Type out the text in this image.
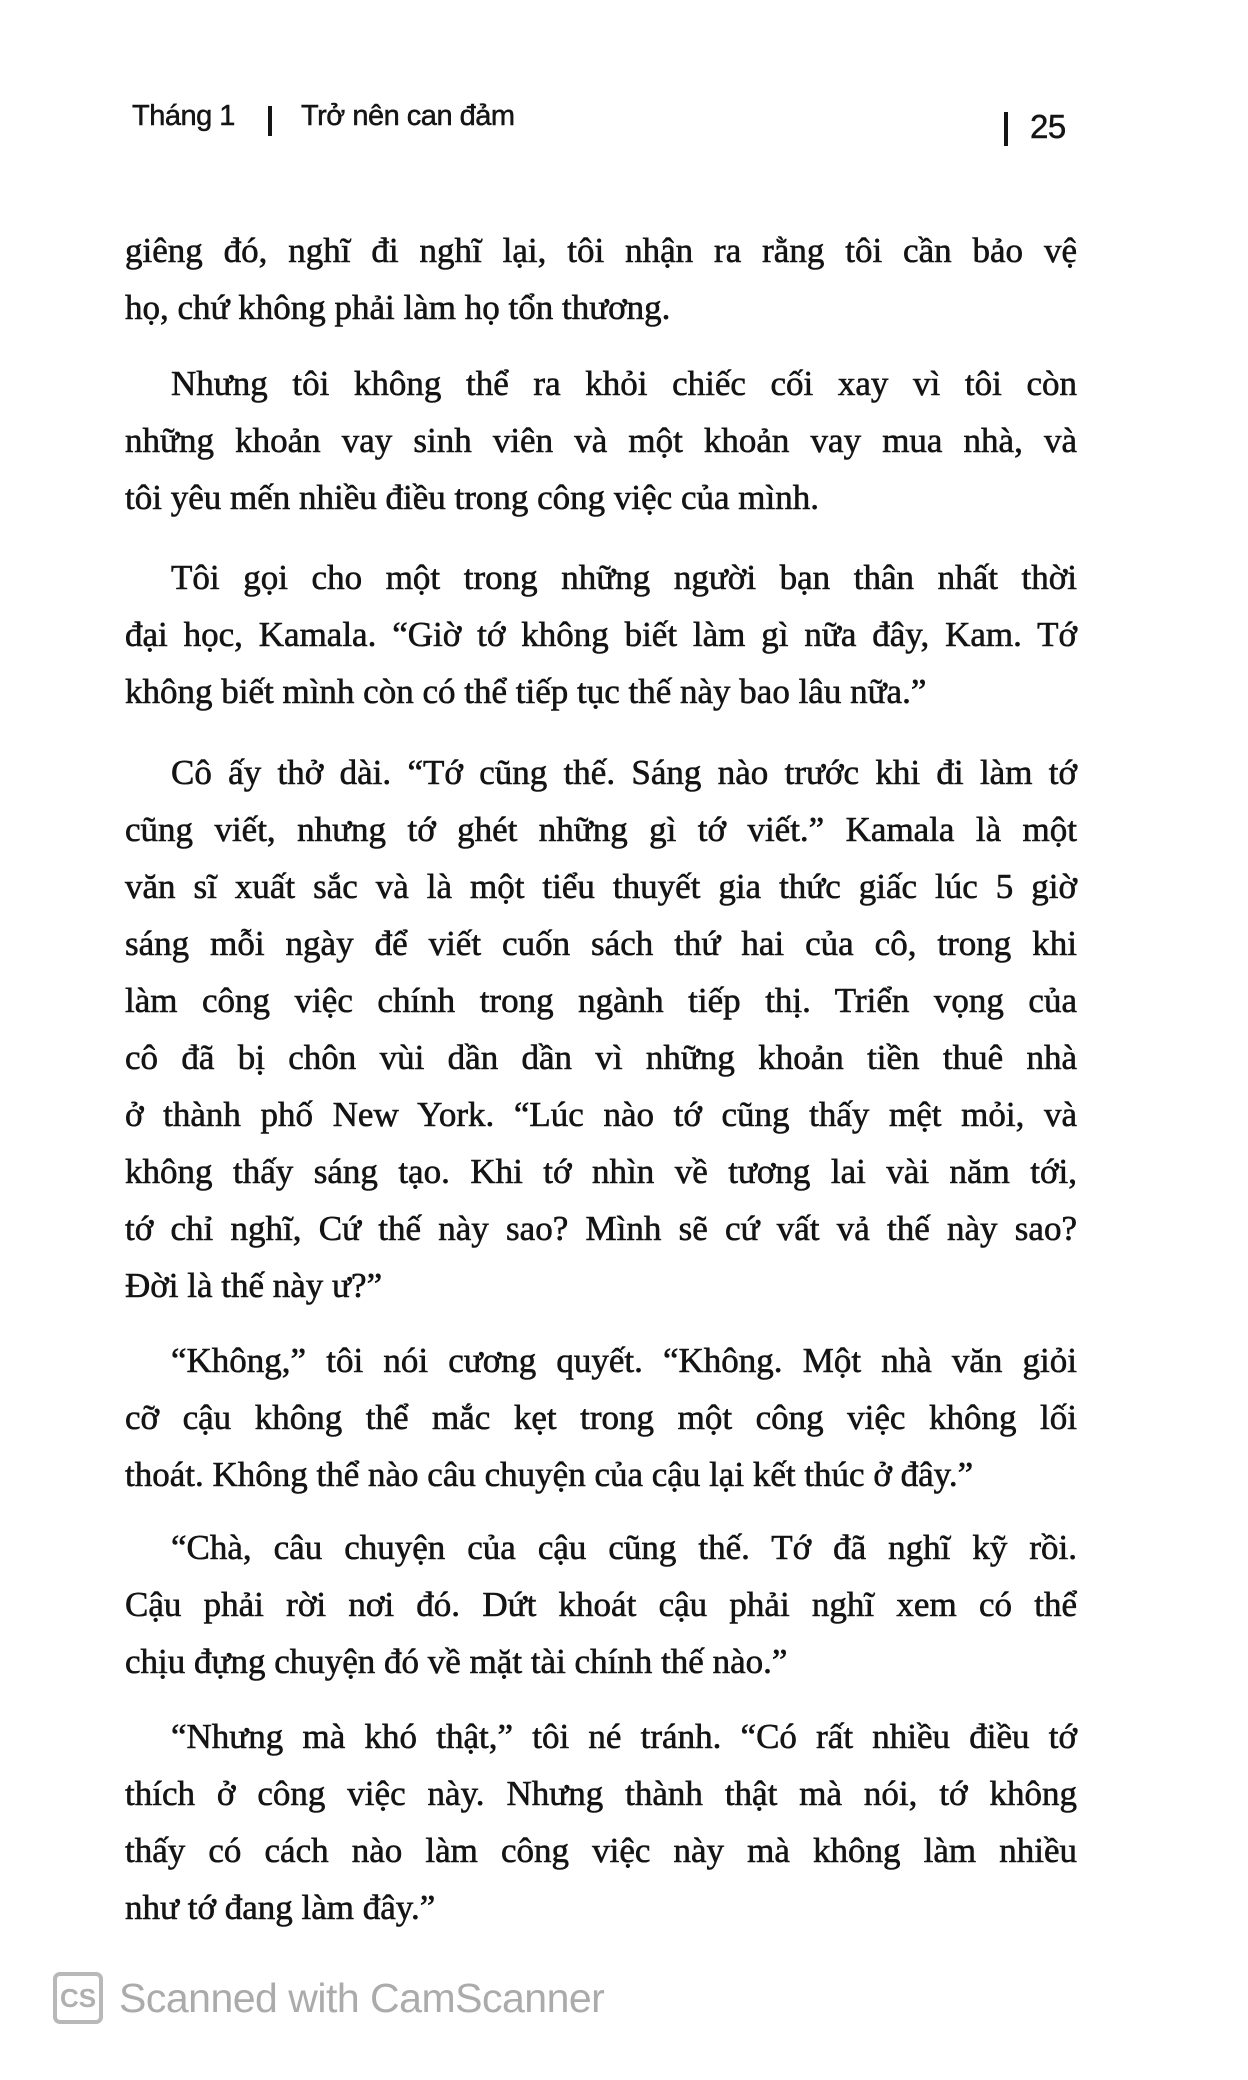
Tháng 1 Trở nên can đảm	25
giêng đó, nghĩ đi nghĩ lại, tôi nhận ra rằng tôi cần bảo vệ
họ, chứ không phải làm họ tổn thương.
Nhưng tôi không thể ra khỏi chiếc cối xay vì tôi còn
những khoản vay sinh viên và một khoản vay mua nhà, và
tôi yêu mến nhiều điều trong công việc của mình.
Tôi gọi cho một trong những người bạn thân nhất thời
đại học, Kamala. “Giờ tớ không biết làm gì nữa đây, Kam. Tớ
không biết mình còn có thể tiếp tục thế này bao lâu nữa.”
Cô ấy thở dài. “Tớ cũng thế. Sáng nào trước khi đi làm tớ
cũng viết, nhưng tớ ghét những gì tớ viết.” Kamala là một
văn sĩ xuất sắc và là một tiểu thuyết gia thức giấc lúc 5 giờ
sáng mỗi ngày để viết cuốn sách thứ hai của cô, trong khi
làm công việc chính trong ngành tiếp thị. Triển vọng của
cô đã bị chôn vùi dần dần vì những khoản tiền thuê nhà
ở thành phố New York. “Lúc nào tớ cũng thấy mệt mỏi, và
không thấy sáng tạo. Khi tớ nhìn về tương lai vài năm tới,
tớ chỉ nghĩ, Cứ thế này sao? Mình sẽ cứ vất vả thế này sao?
Đời là thế này ư?”
“Không,” tôi nói cương quyết. “Không. Một nhà văn giỏi
cỡ cậu không thể mắc kẹt trong một công việc không lối
thoát. Không thể nào câu chuyện của cậu lại kết thúc ở đây.”
“Chà, câu chuyện của cậu cũng thế. Tớ đã nghĩ kỹ rồi.
Cậu phải rời nơi đó. Dứt khoát cậu phải nghĩ xem có thể
chịu đựng chuyện đó về mặt tài chính thế nào.”
“Nhưng mà khó thật,” tôi né tránh. “Có rất nhiều điều tớ
thích ở công việc này. Nhưng thành thật mà nói, tớ không
thấy có cách nào làm công việc này mà không làm nhiều
như tớ đang làm đây.”
CS Scanned with CamScanner
